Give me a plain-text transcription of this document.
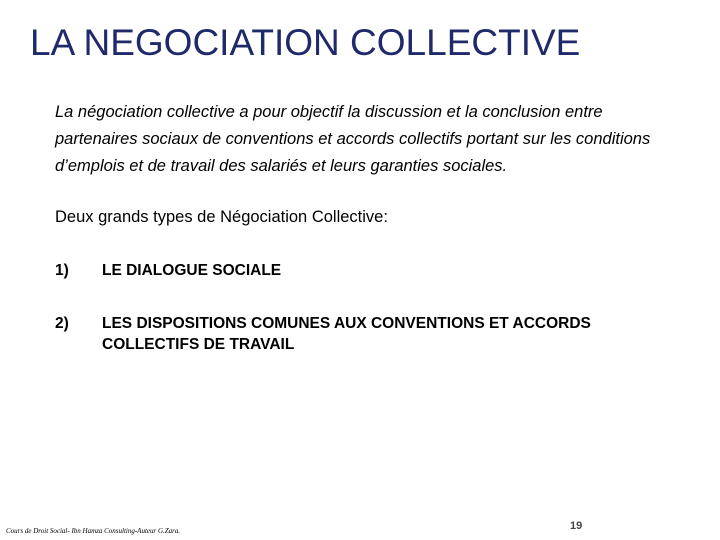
LA NEGOCIATION COLLECTIVE

La négociation collective a pour objectif la discussion et la conclusion entre partenaires sociaux de conventions et accords collectifs portant sur les conditions d’emplois et de travail des salariés et leurs garanties sociales.

Deux grands types de Négociation Collective:

1)	LE DIALOGUE SOCIALE
2)	LES DISPOSITIONS COMUNES AUX CONVENTIONS ET ACCORDS COLLECTIFS DE TRAVAIL

Cours de Droit Social- Ibn Hamza Consulting-Auteur G.Zara.	19
